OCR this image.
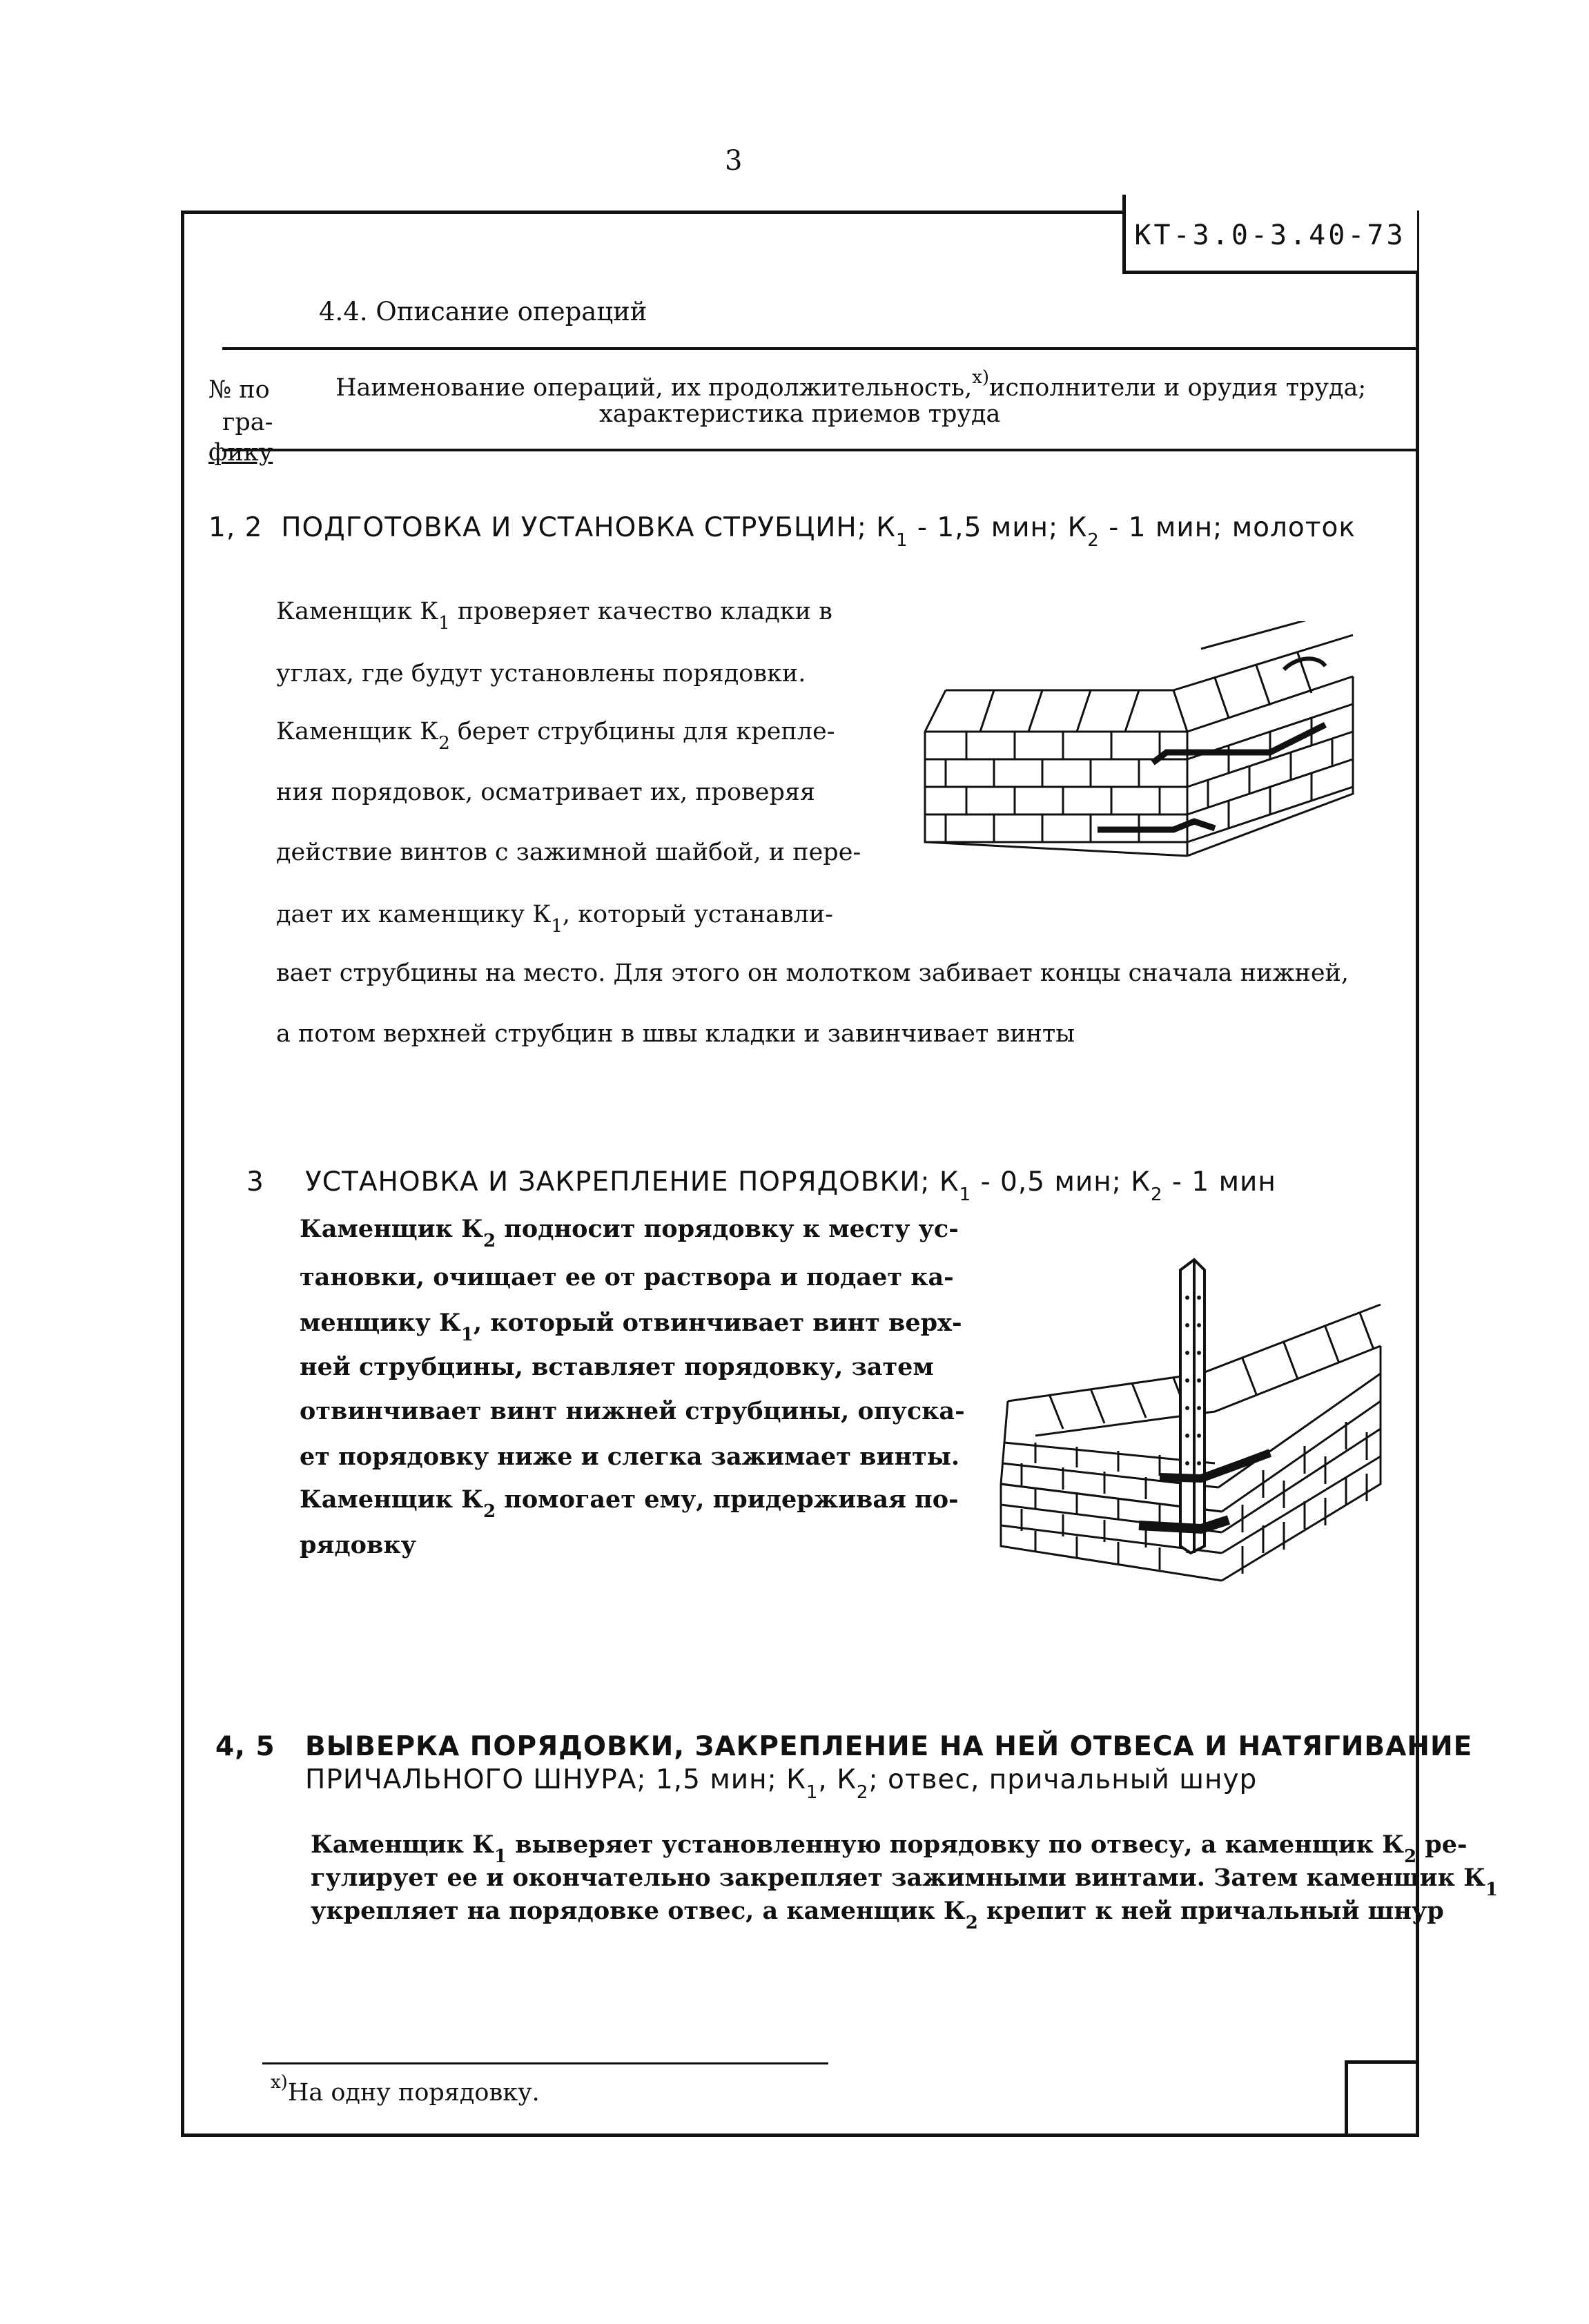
3
КТ-3.0-3.40-73
4.4. Описание операций
№ по
гра-
фику
Наименование операций, их продолжительность,$^{x)}$исполнители и орудия труда;
характеристика приемов труда
1, 2 ПОДГОТОВКА И УСТАНОВКА СТРУБЦИН; $К_1 - 1,5$ мин; $К_2 - 1$ мин; молоток
Каменщик $К_1$ проверяет качество кладки в
углах, где будут установлены порядовки.
Каменщик $К_2$ берет струбцины для крепле-
ния порядовок, осматривает их, проверяя
действие винтов с зажимной шайбой, и пере-
дает их каменщику $К_1$, который устанавли-
вает струбцины на место. Для этого он молотком забивает концы сначала нижней,
а потом верхней струбцин в швы кладки и завинчивает винты
3 УСТАНОВКА И ЗАКРЕПЛЕНИЕ ПОРЯДОВКИ; $К_1 - 0,5$ мин; $К_2 - 1$ мин
Каменщик $К_2$ подносит порядовку к месту ус-
тановки, очищает ее от раствора и подает ка-
менщику $К_1$, который отвинчивает винт верх-
ней струбцины, вставляет порядовку, затем
отвинчивает винт нижней струбцины, опуска-
ет порядовку ниже и слегка зажимает винты.
Каменщик $К_2$ помогает ему, придерживая по-
рядовку
4, 5 ВЫВЕРКА ПОРЯДОВКИ, ЗАКРЕПЛЕНИЕ НА НЕЙ ОТВЕСА И НАТЯГИВАНИЕ
ПРИЧАЛЬНОГО ШНУРА; 1,5 мин; $К_1$, $К_2$; отвес, причальный шнур
Каменщик $К_1$ выверяет установленную порядовку по отвесу, а каменщик $К_2$ ре-
гулирует ее и окончательно закрепляет зажимными винтами. Затем каменщик $К_1$
укрепляет на порядовке отвес, а каменщик $К_2$ крепит к ней причальный шнур
$^{x)}$На одну порядовку.
